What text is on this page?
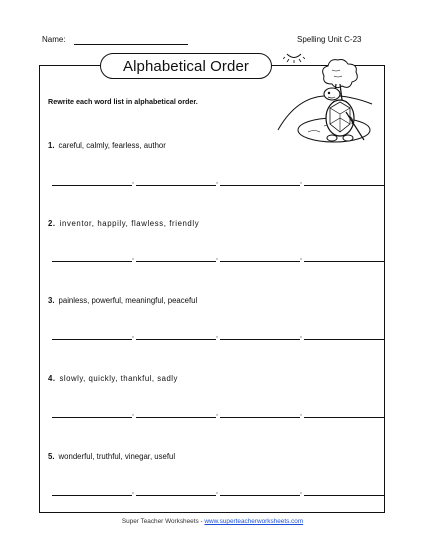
Name:	Spelling Unit C-23
Alphabetical Order
Rewrite each word list in alphabetical order.
1. careful, calmly, fearless, author
,	,	,
2. inventor, happily, flawless, friendly
,	,	,
3. painless, powerful, meaningful, peaceful
,	,	,
4. slowly, quickly, thankful, sadly
,	,	,
5. wonderful, truthful, vinegar, useful
,	,	,
Super Teacher Worksheets - www.superteacherworksheets.com
